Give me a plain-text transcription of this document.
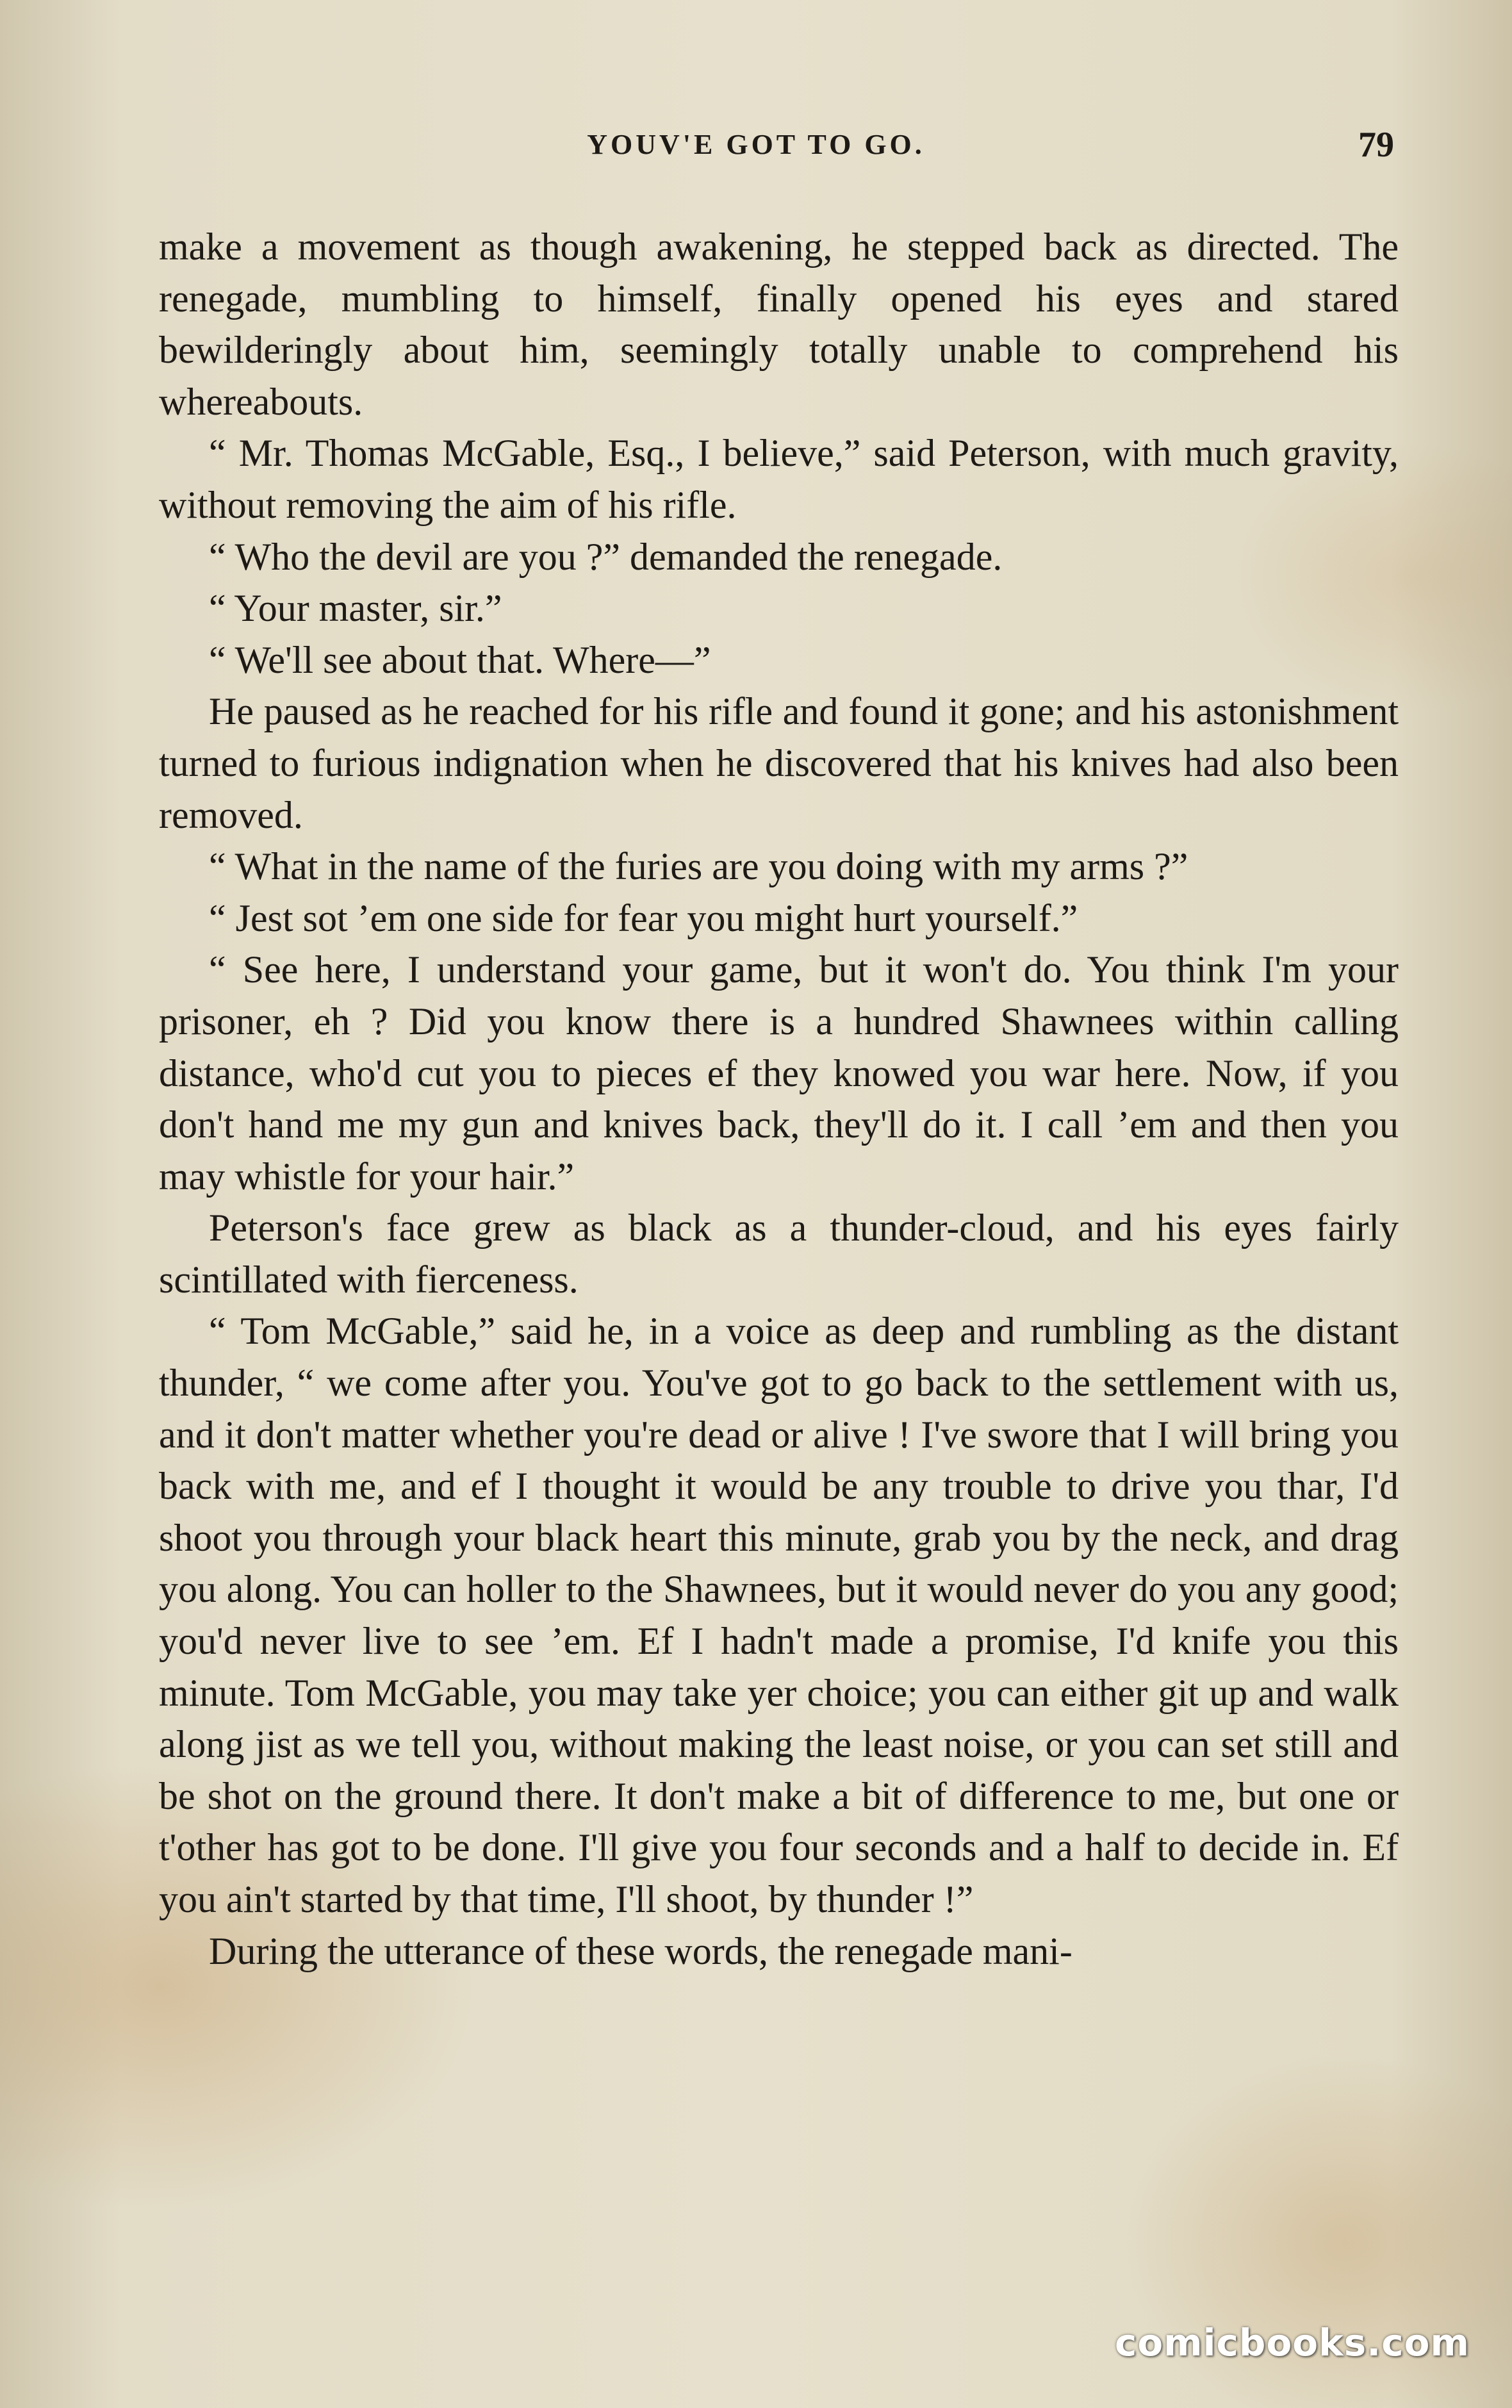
YOUV'E GOT TO GO.	79

make a movement as though awakening, he stepped back as directed. The renegade, mumbling to himself, finally opened his eyes and stared bewilderingly about him, seemingly totally unable to comprehend his whereabouts.

“ Mr. Thomas McGable, Esq., I believe,” said Peterson, with much gravity, without removing the aim of his rifle.

“ Who the devil are you ?” demanded the renegade.

“ Your master, sir.”

“ We'll see about that. Where—”

He paused as he reached for his rifle and found it gone; and his astonishment turned to furious indignation when he discovered that his knives had also been removed.

“ What in the name of the furies are you doing with my arms ?”

“ Jest sot ’em one side for fear you might hurt yourself.”

“ See here, I understand your game, but it won't do. You think I'm your prisoner, eh ? Did you know there is a hundred Shawnees within calling distance, who'd cut you to pieces ef they knowed you war here. Now, if you don't hand me my gun and knives back, they'll do it. I call ’em and then you may whistle for your hair.”

Peterson's face grew as black as a thunder-cloud, and his eyes fairly scintillated with fierceness.

“ Tom McGable,” said he, in a voice as deep and rumbling as the distant thunder, “ we come after you. You've got to go back to the settlement with us, and it don't matter whether you're dead or alive ! I've swore that I will bring you back with me, and ef I thought it would be any trouble to drive you thar, I'd shoot you through your black heart this minute, grab you by the neck, and drag you along. You can holler to the Shawnees, but it would never do you any good; you'd never live to see ’em. Ef I hadn't made a promise, I'd knife you this minute. Tom McGable, you may take yer choice; you can either git up and walk along jist as we tell you, without making the least noise, or you can set still and be shot on the ground there. It don't make a bit of difference to me, but one or t'other has got to be done. I'll give you four seconds and a half to decide in. Ef you ain't started by that time, I'll shoot, by thunder !”

During the utterance of these words, the renegade mani-

comicbooks.com
